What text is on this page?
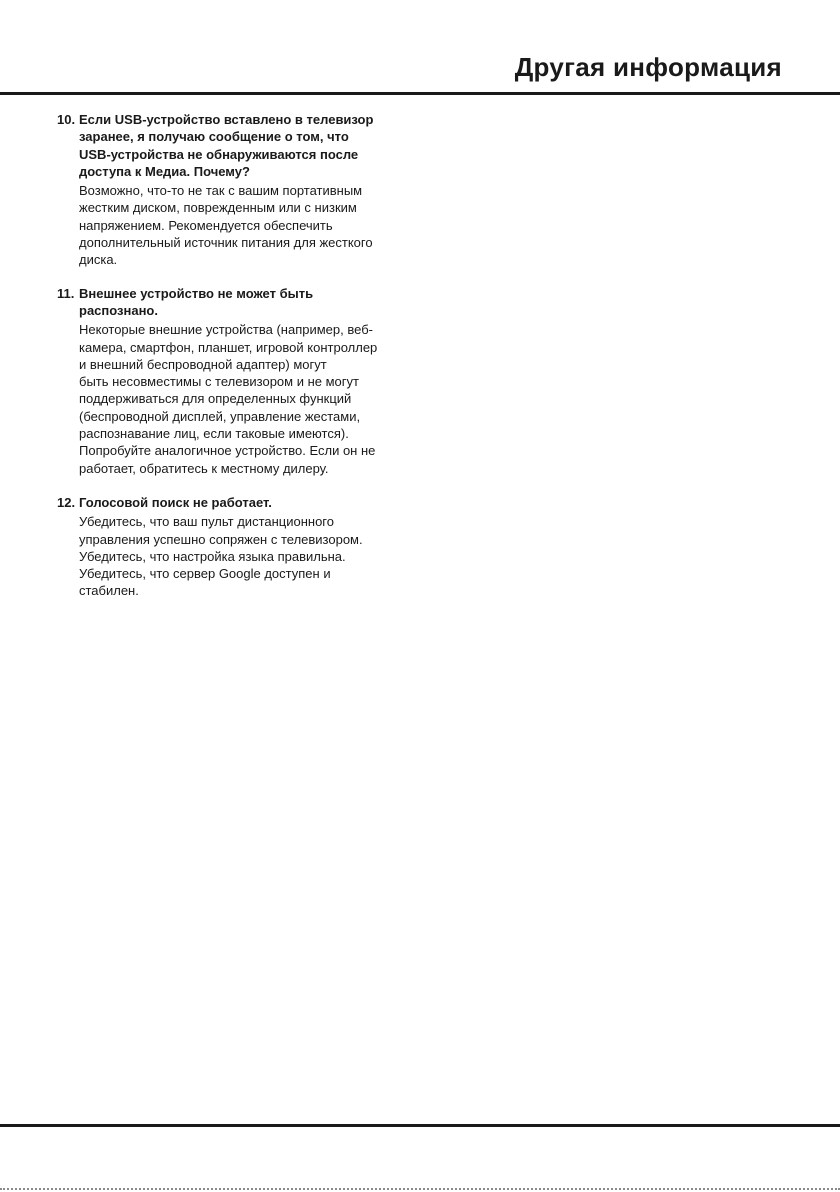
Другая информация
10. Если USB-устройство вставлено в телевизор
заранее, я получаю сообщение о том, что
USB-устройства не обнаруживаются после
доступа к Медиа. Почему?
Возможно, что-то не так с вашим портативным
жестким диском, поврежденным или с низким
напряжением. Рекомендуется обеспечить
дополнительный источник питания для жесткого
диска.
11. Внешнее устройство не может быть
распознано.
Некоторые внешние устройства (например, веб-
камера, смартфон, планшет, игровой контроллер
и внешний беспроводной адаптер) могут
быть несовместимы с телевизором и не могут
поддерживаться для определенных функций
(беспроводной дисплей, управление жестами,
распознавание лиц, если таковые имеются).
Попробуйте аналогичное устройство. Если он не
работает, обратитесь к местному дилеру.
12. Голосовой поиск не работает.
Убедитесь, что ваш пульт дистанционного
управления успешно сопряжен с телевизором.
Убедитесь, что настройка языка правильна.
Убедитесь, что сервер Google доступен и
стабилен.
